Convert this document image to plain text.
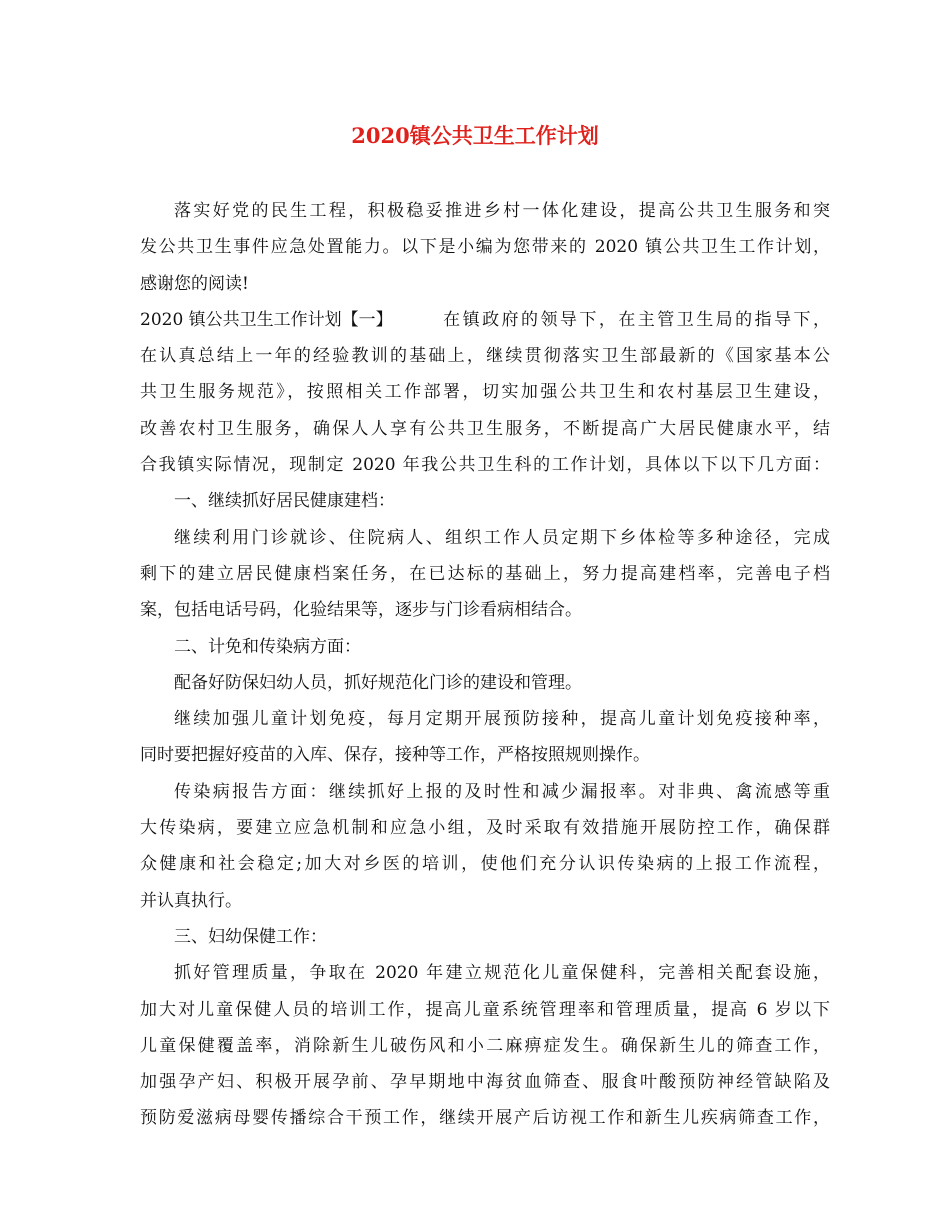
2020镇公共卫生工作计划
落实好党的民生工程，积极稳妥推进乡村一体化建设，提高公共卫生服务和突
发公共卫生事件应急处置能力。以下是小编为您带来的 2020 镇公共卫生工作计划，
感谢您的阅读!
2020 镇公共卫生工作计划【一】	在镇政府的领导下，在主管卫生局的指导下，
在认真总结上一年的经验教训的基础上，继续贯彻落实卫生部最新的《国家基本公
共卫生服务规范》，按照相关工作部署，切实加强公共卫生和农村基层卫生建设，
改善农村卫生服务，确保人人享有公共卫生服务，不断提高广大居民健康水平，结
合我镇实际情况，现制定 2020 年我公共卫生科的工作计划，具体以下以下几方面：
一、继续抓好居民健康建档：
继续利用门诊就诊、住院病人、组织工作人员定期下乡体检等多种途径，完成
剩下的建立居民健康档案任务，在已达标的基础上，努力提高建档率，完善电子档
案，包括电话号码，化验结果等，逐步与门诊看病相结合。
二、计免和传染病方面：
配备好防保妇幼人员，抓好规范化门诊的建设和管理。
继续加强儿童计划免疫，每月定期开展预防接种，提高儿童计划免疫接种率，
同时要把握好疫苗的入库、保存，接种等工作，严格按照规则操作。
传染病报告方面：继续抓好上报的及时性和减少漏报率。对非典、禽流感等重
大传染病，要建立应急机制和应急小组，及时采取有效措施开展防控工作，确保群
众健康和社会稳定;加大对乡医的培训，使他们充分认识传染病的上报工作流程，
并认真执行。
三、妇幼保健工作：
抓好管理质量，争取在 2020 年建立规范化儿童保健科，完善相关配套设施，
加大对儿童保健人员的培训工作，提高儿童系统管理率和管理质量，提高 6 岁以下
儿童保健覆盖率，消除新生儿破伤风和小二麻痹症发生。确保新生儿的筛查工作，
加强孕产妇、积极开展孕前、孕早期地中海贫血筛查、服食叶酸预防神经管缺陷及
预防爱滋病母婴传播综合干预工作，继续开展产后访视工作和新生儿疾病筛查工作，
